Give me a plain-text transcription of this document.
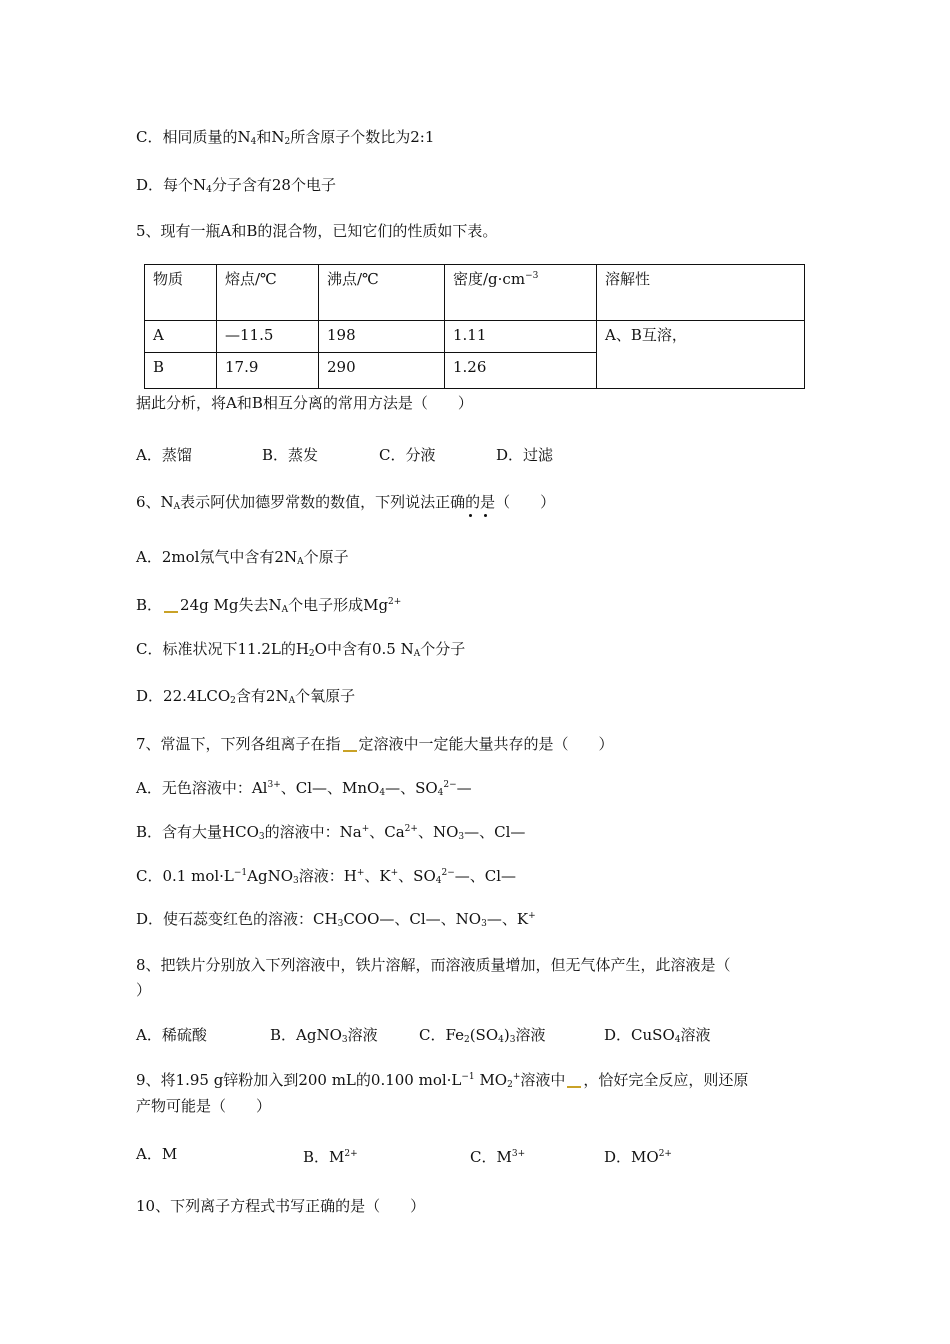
C．相同质量的$N_4$和$N_2$所含原子个数比为2:1
D．每个$N_4$分子含有28个电子
5、现有一瓶A和B的混合物，已知它们的性质如下表。
物质	熔点/℃	沸点/℃	密度$/g\cdot cm^{-3}$	溶解性
A	—11.5	198	1.11	A、B互溶，
B	17.9	290	1.26	
据此分析，将A和B相互分离的常用方法是（　　）
A．蒸馏	B．蒸发	C．分液	D．过滤
6、$N_A$表示阿伏加德罗常数的数值，下列说法正确的是（　　）
A．2mol氖气中含有$2N_A$个原子
B． 24g Mg失去$N_A$个电子形成$Mg^{2+}$
C．标准状况下11.2L的$H_2O$中含有0.5 $N_A$个分子
D．$22.4LCO_2$含有$2N_A$个氧原子
7、常温下，下列各组离子在指 定溶液中一定能大量共存的是（　　）
A．无色溶液中：$Al^{3+}$、Cl—、MnO$_4$—、$SO_4^{2-}—$
B．含有大量$HCO_3$的溶液中：Na+、$Ca^{2+}$、$NO_3—$、Cl—
C．0.1 $mol\cdot L^{-1}AgNO_3$溶液：H+、K+、$SO_4^{2-}—$、Cl—
D．使石蕊变红色的溶液：$CH_3COO—$、Cl—、$NO_3—$、K+
8、把铁片分别放入下列溶液中，铁片溶解，而溶液质量增加，但无气体产生，此溶液是（
）
A．稀硫酸	B．AgNO$_3$溶液	C．$Fe_2(SO_4)_3$溶液	D．CuSO$_4$溶液
9、将1.95 g锌粉加入到200 mL的0.100 $mol\cdot L^{-1}$ $MO_2^+$溶液中 ，恰好完全反应，则还原
产物可能是（　　）
A．M	B．$M^{2+}$	C．$M^{3+}$	D．$MO^{2+}$
10、下列离子方程式书写正确的是（　　）
